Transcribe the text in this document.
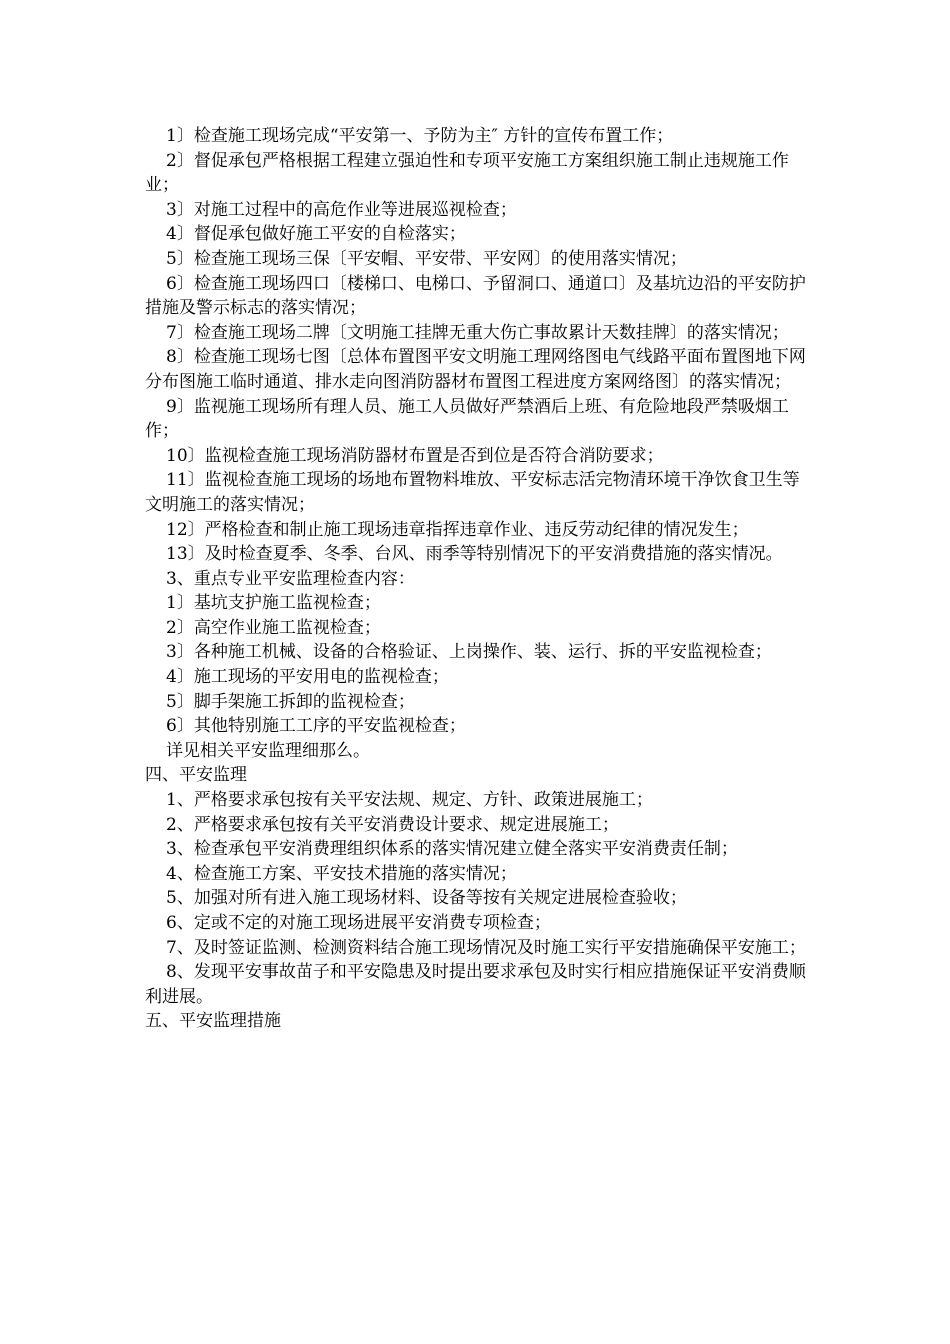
1〕检查施工现场完成“平安第一、予防为主″ 方针的宣传布置工作；

2〕督促承包严格根据工程建立强迫性和专项平安施工方案组织施工制止违规施工作业；

3〕对施工过程中的高危作业等进展巡视检查；

4〕督促承包做好施工平安的自检落实；

5〕检查施工现场三保〔平安帽、平安带、平安网〕的使用落实情况；

6〕检查施工现场四口〔楼梯口、电梯口、予留洞口、通道口〕及基坑边沿的平安防护措施及警示标志的落实情况；

7〕检查施工现场二牌〔文明施工挂牌无重大伤亡事故累计天数挂牌〕的落实情况；

8〕检查施工现场七图〔总体布置图平安文明施工理网络图电气线路平面布置图地下网分布图施工临时通道、排水走向图消防器材布置图工程进度方案网络图〕的落实情况；

9〕监视施工现场所有理人员、施工人员做好严禁酒后上班、有危险地段严禁吸烟工作；

10〕监视检查施工现场消防器材布置是否到位是否符合消防要求；

11〕监视检查施工现场的场地布置物料堆放、平安标志活完物清环境干净饮食卫生等文明施工的落实情况；

12〕严格检查和制止施工现场违章指挥违章作业、违反劳动纪律的情况发生；

13〕及时检查夏季、冬季、台风、雨季等特别情况下的平安消费措施的落实情况。

3、重点专业平安监理检查内容：

1〕基坑支护施工监视检查；

2〕高空作业施工监视检查；

3〕各种施工机械、设备的合格验证、上岗操作、装、运行、拆的平安监视检查；

4〕施工现场的平安用电的监视检查；

5〕脚手架施工拆卸的监视检查；

6〕其他特别施工工序的平安监视检查；

详见相关平安监理细那么。

四、平安监理

1、严格要求承包按有关平安法规、规定、方针、政策进展施工；

2、严格要求承包按有关平安消费设计要求、规定进展施工；

3、检查承包平安消费理组织体系的落实情况建立健全落实平安消费责任制；

4、检查施工方案、平安技术措施的落实情况；

5、加强对所有进入施工现场材料、设备等按有关规定进展检查验收；

6、定或不定的对施工现场进展平安消费专项检查；

7、及时签证监测、检测资料结合施工现场情况及时施工实行平安措施确保平安施工；

8、发现平安事故苗子和平安隐患及时提出要求承包及时实行相应措施保证平安消费顺利进展。

五、平安监理措施
